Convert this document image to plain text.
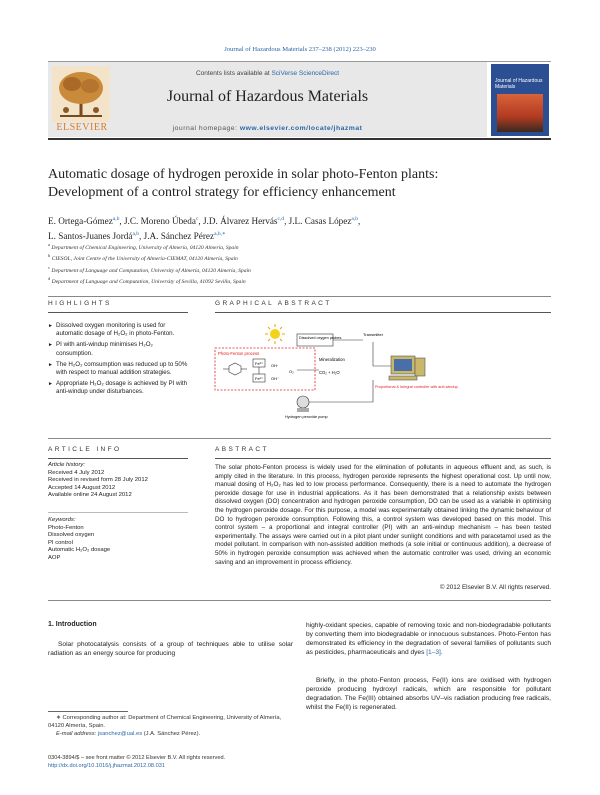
Journal of Hazardous Materials 237–238 (2012) 223–230
ELSEVIER
Contents lists available at SciVerse ScienceDirect
Journal of Hazardous Materials
journal homepage: www.elsevier.com/locate/jhazmat
Journal of Hazardous Materials
Automatic dosage of hydrogen peroxide in solar photo-Fenton plants:
Development of a control strategy for efficiency enhancement
E. Ortega-Gómez$^{a,b}$, J.C. Moreno Úbeda$^c$, J.D. Álvarez Hervás$^{c,d}$, J.L. Casas López$^{a,b}$,
L. Santos-Juanes Jordá$^{a,b}$, J.A. Sánchez Pérez$^{a,b,∗}$
$^a$ Department of Chemical Engineering, University of Almería, 04120 Almería, Spain
$^b$ CIESOL, Joint Centre of the University of Almería-CIEMAT, 04120 Almería, Spain
$^c$ Department of Language and Computation, University of Almería, 04120 Almería, Spain
$^d$ Department of Language and Computation, University of Sevilla, 41092 Sevilla, Spain
HIGHLIGHTS
► Dissolved oxygen monitoring is used for automatic dosage of H₂O₂ in photo-Fenton.
► PI with anti-windup minimises H₂O₂ consumption.
► The H₂O₂ comsumption was reduced up to 50% with respect to manual addition strategies.
► Appropriate H₂O₂ dosage is achieved by PI with anti-windup under disturbances.
GRAPHICAL ABSTRACT
Photo-Fenton process
Fe³⁺
Fe²⁺
OH·
OH⁻
O₂
Mineralization
CO₂ + H₂O
Dissolved oxygen probes
Transmitter
Proportional & Integral controller with anti-windup
Hydrogen peroxide pump
ARTICLE INFO
Article history:
Received 4 July 2012
Received in revised form 28 July 2012
Accepted 14 August 2012
Available online 24 August 2012
Keywords:
Photo-Fenton
Dissolved oxygen
PI control
Automatic H₂O₂ dosage
AOP
ABSTRACT
The solar photo-Fenton process is widely used for the elimination of pollutants in aqueous effluent and, as such, is amply cited in the literature. In this process, hydrogen peroxide represents the highest operational cost. Up until now, manual dosing of H₂O₂ has led to low process performance. Consequently, there is a need to automate the hydrogen peroxide dosage for use in industrial applications. As it has been demonstrated that a relationship exists between dissolved oxygen (DO) concentration and hydrogen peroxide consumption, DO can be used as a variable in optimising the hydrogen peroxide dosage. For this purpose, a model was experimentally obtained linking the dynamic behaviour of DO to hydrogen peroxide consumption. Following this, a control system was developed based on this model. This control system – a proportional and integral controller (PI) with an anti-windup mechanism – has been tested experimentally. The assays were carried out in a pilot plant under sunlight conditions and with paracetamol used as the model pollutant. In comparison with non-assisted addition methods (a sole initial or continuous addition), a decrease of 50% in hydrogen peroxide consumption was achieved when the automatic controller was used, driving an economic saving and an improvement in process efficiency.
© 2012 Elsevier B.V. All rights reserved.
1. Introduction
Solar photocatalysis consists of a group of techniques able to utilise solar radiation as an energy source for producing
highly-oxidant species, capable of removing toxic and non-biodegradable pollutants by converting them into biodegradable or innocuous substances. Photo-Fenton has demonstrated its efficiency in the degradation of several families of pollutants such as pesticides, pharmaceuticals and dyes [1–3].
Briefly, in the photo-Fenton process, Fe(II) ions are oxidised with hydrogen peroxide producing hydroxyl radicals, which are responsible for pollutant degradation. The Fe(III) obtained absorbs UV–vis radiation producing free radicals, whilst the Fe(II) is regenerated.
∗ Corresponding author at: Department of Chemical Engineering, University of Almería, 04120 Almería, Spain.
E-mail address: jsanchez@ual.es (J.A. Sánchez Pérez).
0304-3894/$ – see front matter © 2012 Elsevier B.V. All rights reserved.
http://dx.doi.org/10.1016/j.jhazmat.2012.08.031
